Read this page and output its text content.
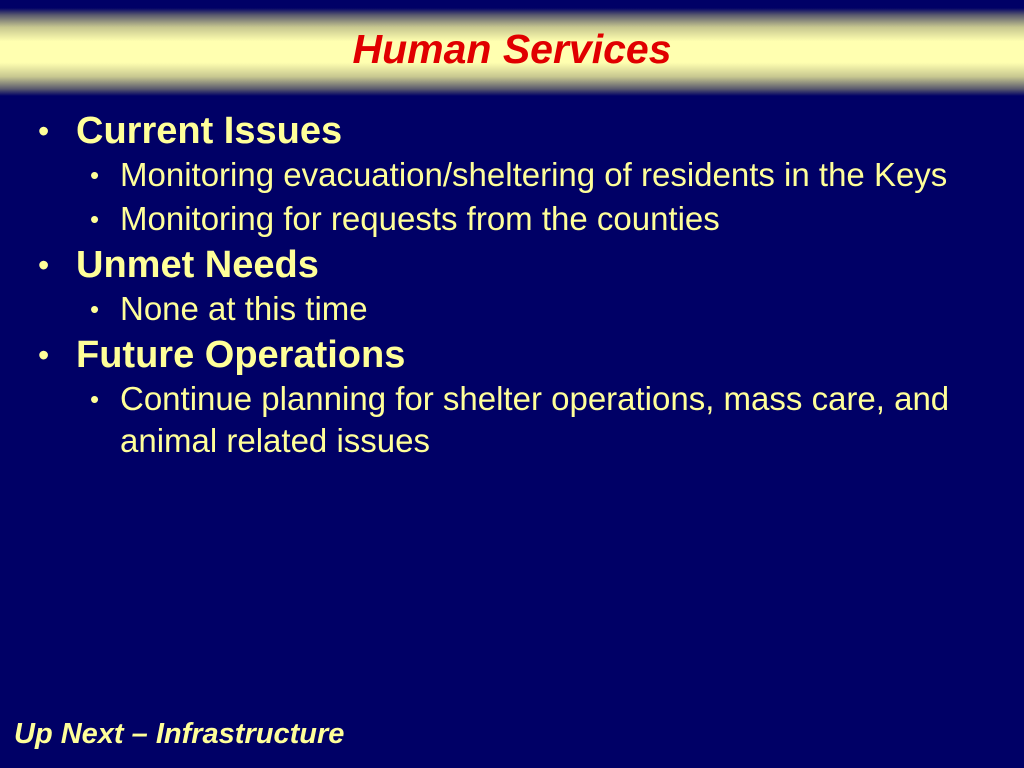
Human Services
• Current Issues
• Monitoring evacuation/sheltering of residents in the Keys
• Monitoring for requests from the counties
• Unmet Needs
• None at this time
• Future Operations
• Continue planning for shelter operations, mass care, and animal related issues
Up Next – Infrastructure
